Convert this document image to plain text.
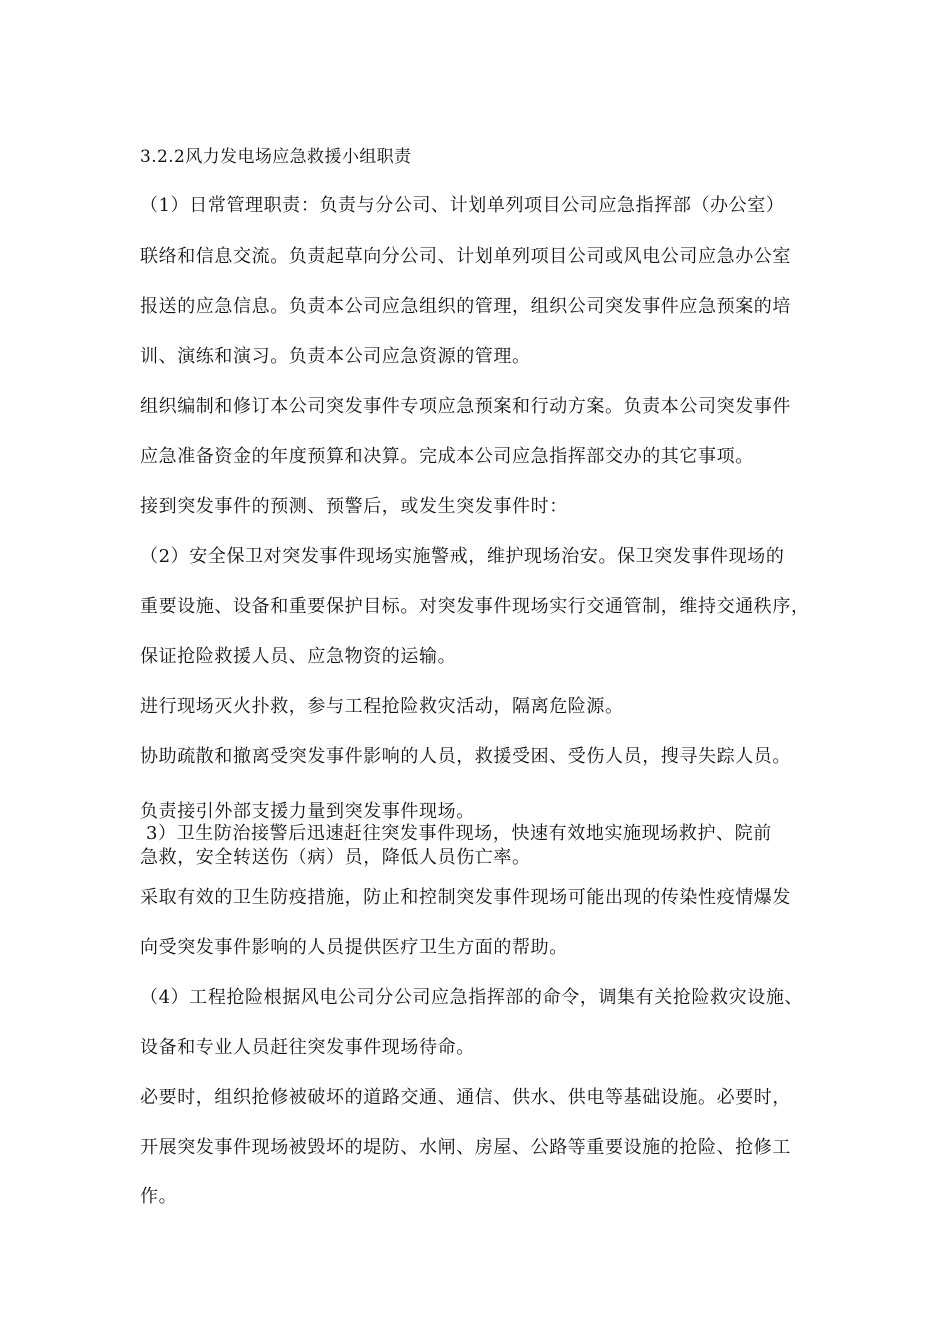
3.2.2风力发电场应急救援小组职责
（1）日常管理职责：负责与分公司、计划单列项目公司应急指挥部（办公室）
联络和信息交流。负责起草向分公司、计划单列项目公司或风电公司应急办公室
报送的应急信息。负责本公司应急组织的管理，组织公司突发事件应急预案的培
训、演练和演习。负责本公司应急资源的管理。
组织编制和修订本公司突发事件专项应急预案和行动方案。负责本公司突发事件
应急准备资金的年度预算和决算。完成本公司应急指挥部交办的其它事项。
接到突发事件的预测、预警后，或发生突发事件时：
（2）安全保卫对突发事件现场实施警戒，维护现场治安。保卫突发事件现场的
重要设施、设备和重要保护目标。对突发事件现场实行交通管制，维持交通秩序，
保证抢险救援人员、应急物资的运输。
进行现场灭火扑救，参与工程抢险救灾活动，隔离危险源。
协助疏散和撤离受突发事件影响的人员，救援受困、受伤人员，搜寻失踪人员。
负责接引外部支援力量到突发事件现场。
3）卫生防治接警后迅速赶往突发事件现场，快速有效地实施现场救护、院前
急救，安全转送伤（病）员，降低人员伤亡率。
采取有效的卫生防疫措施，防止和控制突发事件现场可能出现的传染性疫情爆发
向受突发事件影响的人员提供医疗卫生方面的帮助。
（4）工程抢险根据风电公司分公司应急指挥部的命令，调集有关抢险救灾设施、
设备和专业人员赶往突发事件现场待命。
必要时，组织抢修被破坏的道路交通、通信、供水、供电等基础设施。必要时，
开展突发事件现场被毁坏的堤防、水闸、房屋、公路等重要设施的抢险、抢修工
作。
